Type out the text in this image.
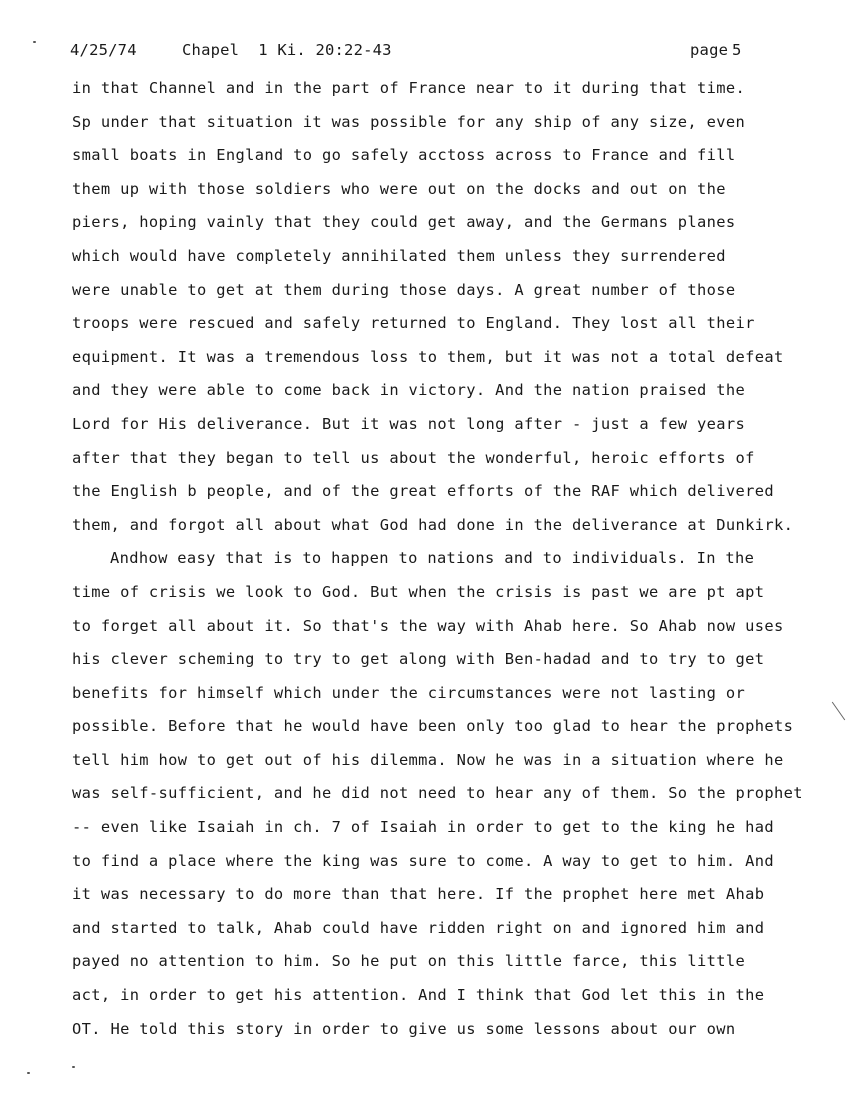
4/25/74

	Chapel  1 Ki. 20:22-43

	page

5

in that Channel and in the part of France near to it during that time.
Sp under that situation it was possible for any ship of any size, even
small boats in England to go safely acctoss across to France and fill
them up with those soldiers who were out on the docks and out on the
piers, hoping vainly that they could get away, and the Germans planes
which would have completely annihilated them unless they surrendered
were unable to get at them during those days. A great number of those
troops were rescued and safely returned to England. They lost all their
equipment. It was a tremendous loss to them, but it was not a total defeat
and they were able to come back in victory. And the nation praised the
Lord for His deliverance. But it was not long after - just a few years
after that they began to tell us about the wonderful, heroic efforts of
the English b people, and of the great efforts of the RAF which delivered
them, and forgot all about what God had done in the deliverance at Dunkirk.
Andhow easy that is to happen to nations and to individuals. In the
time of crisis we look to God. But when the crisis is past we are pt apt
to forget all about it. So that's the way with Ahab here. So Ahab now uses
his clever scheming to try to get along with Ben-hadad and to try to get
benefits for himself which under the circumstances were not lasting or
possible. Before that he would have been only too glad to hear the prophets
tell him how to get out of his dilemma. Now he was in a situation where he
was self-sufficient, and he did not need to hear any of them. So the prophet
-- even like Isaiah in ch. 7 of Isaiah in order to get to the king he had
to find a place where the king was sure to come. A way to get to him. And
it was necessary to do more than that here. If the prophet here met Ahab
and started to talk, Ahab could have ridden right on and ignored him and
payed no attention to him. So he put on this little farce, this little
act, in order to get his attention. And I think that God let this in the
OT. He told this story in order to give us some lessons about our own
